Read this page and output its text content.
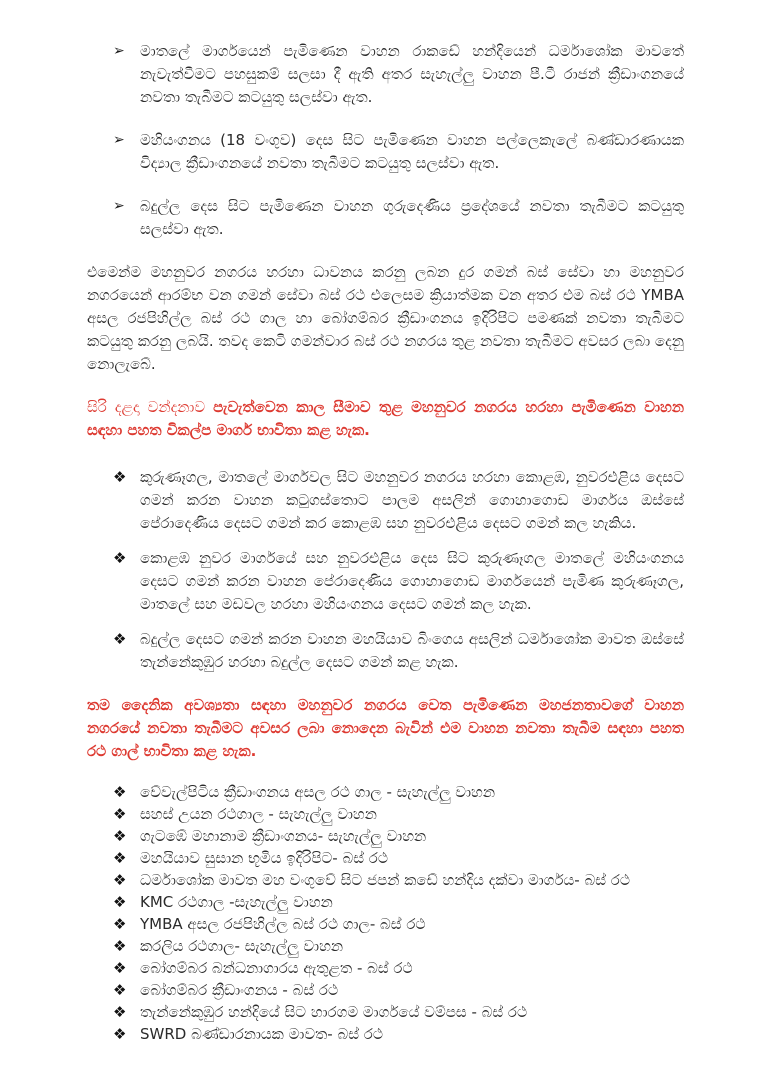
➢ මාතලේ මාර්ගයෙන් පැමිණෙන වාහන රාකඩේ හන්දියෙන් ධර්මාශෝක මාවතේ නැවැත්වීමට පහසුකම් සලසා දී ඇති අතර සැහැල්ලු වාහන පී.ටී රාජන් ක්‍රීඩාංගනයේ නවතා තැබීමට කටයුතු සලස්වා ඇත.
➢ මහියංගනය (18 වංගුව) දෙස සිට පැමිණෙන වාහන පල්ලෙකැලේ බණ්ඩාරණායක විද්‍යාල ක්‍රීඩාංගනයේ නවතා තැබීමට කටයුතු සලස්වා ඇත.
➢ බදුල්ල දෙස සිට පැමිණෙන වාහන ගුරුදෙණිය ප්‍රදේශයේ නවතා තැබීමට කටයුතු සලස්වා ඇත.
එමෙන්ම මහනුවර නගරය හරහා ධාවනය කරනු ලබන දුර ගමන් බස් සේවා හා මහනුවර නගරයෙන් ආරම්භ වන ගමන් සේවා බස් රථ එලෙසම ක්‍රියාත්මක වන අතර එම බස් රථ YMBA අසල රජපිහිල්ල බස් රථ ගාල හා බෝගම්බර ක්‍රීඩාංගනය ඉදිරිපිට පමණක් නවතා තැබීමට කටයුතු කරනු ලබයි. තවද කෙටි ගමන්වාර බස් රථ නගරය තුළ නවතා තැබීමට අවසර ලබා දෙනු නොලැබේ.
සිරි දළදා වන්දනාව පැවැත්වෙන කාල සීමාව තුළ මහනුවර නගරය හරහා පැමිණෙන වාහන සඳහා පහත විකල්ප මාර්ග භාවිතා කළ හැක.
❖ කුරුණෑගල, මාතලේ මාර්ගවල සිට මහනුවර නගරය හරහා කොළඹ, නුවරඑළිය දෙසට ගමන් කරන වාහන කටුගස්තොට පාලම අසලින් ගොහාගොඩ මාර්ගය ඔස්සේ පේරාදෙණිය දෙසට ගමන් කර කොළඹ සහ නුවරඑළිය දෙසට ගමන් කල හැකිය.
❖ කොළඹ නුවර මාර්ගයේ සහ නුවරඑළිය දෙස සිට කුරුණෑගල මාතලේ මහියංගනය දෙසට ගමන් කරන වාහන පේරාදෙණිය ගොහාගොඩ මාර්ගයෙන් පැමිණ කුරුණෑගල, මාතලේ සහ මඩවල හරහා මහියංගනය දෙසට ගමන් කල හැක.
❖ බදුල්ල දෙසට ගමන් කරන වාහන මහයියාව බිංගෙය අසලින් ධර්මාශෝක මාවත ඔස්සේ තැන්නේකුඹුර හරහා බදුල්ල දෙසට ගමන් කළ හැක.
තම දෛනික අවශ්‍යතා සඳහා මහනුවර නගරය වෙත පැමිණෙන මහජනතාවගේ වාහන නගරයේ නවතා තැබීමට අවසර ලබා නොදෙන බැවින් එම වාහන නවතා තැබීම සඳහා පහත රථ ගාල් භාවිතා කළ හැක.
❖ වේවැල්පිටිය ක්‍රීඩාංගනය අසල රථ ගාල - සැහැල්ලු වාහන
❖ සහස් උයන රථගාල - සැහැල්ලු වාහන
❖ ගැටඹේ මහානාම ක්‍රීඩාංගනය- සැහැල්ලු වාහන
❖ මහයියාව සුසාන භූමිය ඉදිරිපිට- බස් රථ
❖ ධර්මාශෝක මාවත මහ වංගුවේ සිට ජපන් කඩේ හන්දිය දක්වා මාර්ගය- බස් රථ
❖ KMC රථගාල -සැහැල්ලු වාහන
❖ YMBA අසල රජපිහිල්ල බස් රථ ගාල- බස් රථ
❖ කරලිය රථගාල- සැහැල්ලු වාහන
❖ බෝගම්බර බන්ධනාගාරය ඇතුළත - බස් රථ
❖ බෝගම්බර ක්‍රීඩාංගනය - බස් රථ
❖ තැන්නේකුඹුර හන්දියේ සිට හාරගම මාර්ගයේ වම්පස - බස් රථ
❖ SWRD බණ්ඩාරනායක මාවත- බස් රථ
